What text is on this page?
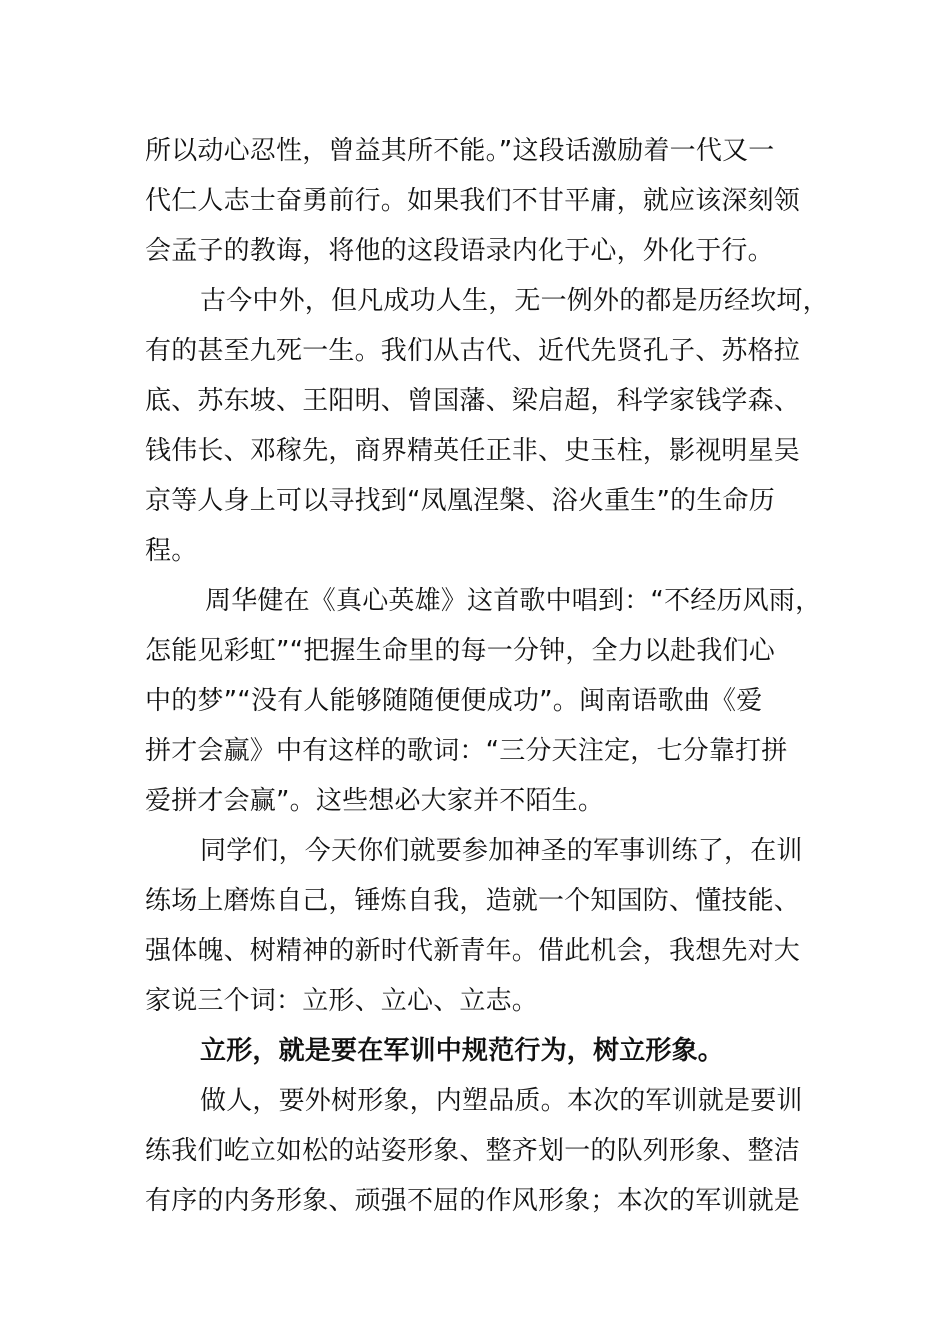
所以动心忍性，曾益其所不能。”这段话激励着一代又一
代仁人志士奋勇前行。如果我们不甘平庸，就应该深刻领
会孟子的教诲，将他的这段语录内化于心，外化于行。
古今中外，但凡成功人生，无一例外的都是历经坎坷，
有的甚至九死一生。我们从古代、近代先贤孔子、苏格拉
底、苏东坡、王阳明、曾国藩、梁启超，科学家钱学森、
钱伟长、邓稼先，商界精英任正非、史玉柱，影视明星吴
京等人身上可以寻找到“凤凰涅槃、浴火重生”的生命历
程。
周华健在《真心英雄》这首歌中唱到：“不经历风雨，
怎能见彩虹”“把握生命里的每一分钟，全力以赴我们心
中的梦”“没有人能够随随便便成功”。闽南语歌曲《爱
拼才会赢》中有这样的歌词：“三分天注定，七分靠打拼
爱拼才会赢”。这些想必大家并不陌生。
同学们，今天你们就要参加神圣的军事训练了，在训
练场上磨炼自己，锤炼自我，造就一个知国防、懂技能、
强体魄、树精神的新时代新青年。借此机会，我想先对大
家说三个词：立形、立心、立志。
立形，就是要在军训中规范行为，树立形象。
做人，要外树形象，内塑品质。本次的军训就是要训
练我们屹立如松的站姿形象、整齐划一的队列形象、整洁
有序的内务形象、顽强不屈的作风形象；本次的军训就是
